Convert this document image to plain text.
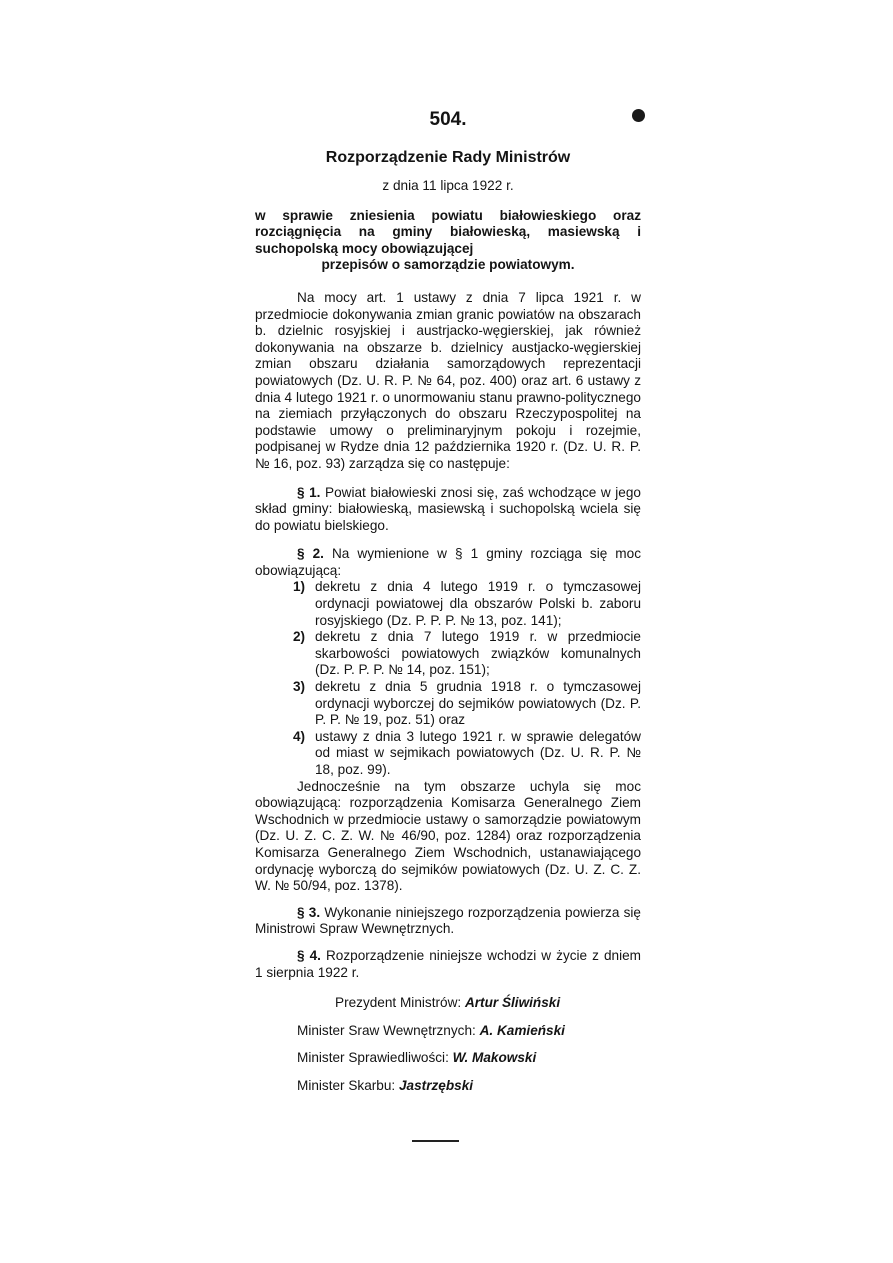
504.
Rozporządzenie Rady Ministrów
z dnia 11 lipca 1922 r.

w sprawie zniesienia powiatu białowieskiego oraz rozciągnięcia na gminy białowieską, masiewską i suchopolską mocy obowiązującej

przepisów o samorządzie powiatowym.

Na mocy art. 1 ustawy z dnia 7 lipca 1921 r. w przedmiocie dokonywania zmian granic powiatów na obszarach b. dzielnic rosyjskiej i austrjacko-węgierskiej, jak również dokonywania na obszarze b. dzielnicy austjacko-węgierskiej zmian obszaru działania samorządowych reprezentacji powiatowych (Dz. U. R. P. № 64, poz. 400) oraz art. 6 ustawy z dnia 4 lutego 1921 r. o unormowaniu stanu prawno-politycznego na ziemiach przyłączonych do obszaru Rzeczypospolitej na podstawie umowy o preliminaryjnym pokoju i rozejmie, podpisanej w Rydze dnia 12 października 1920 r. (Dz. U. R. P. № 16, poz. 93) zarządza się co następuje:

§ 1. Powiat białowieski znosi się, zaś wchodzące w jego skład gminy: białowieską, masiewską i suchopolską wciela się do powiatu bielskiego.

§ 2. Na wymienione w § 1 gminy rozciąga się moc obowiązującą:

1) dekretu z dnia 4 lutego 1919 r. o tymczasowej ordynacji powiatowej dla obszarów Polski b. zaboru rosyjskiego (Dz. P. P. P. № 13, poz. 141);
2) dekretu z dnia 7 lutego 1919 r. w przedmiocie skarbowości powiatowych związków komunalnych (Dz. P. P. P. № 14, poz. 151);
3) dekretu z dnia 5 grudnia 1918 r. o tymczasowej ordynacji wyborczej do sejmików powiatowych (Dz. P. P. P. № 19, poz. 51) oraz
4) ustawy z dnia 3 lutego 1921 r. w sprawie delegatów od miast w sejmikach powiatowych (Dz. U. R. P. № 18, poz. 99).

Jednocześnie na tym obszarze uchyla się moc obowiązującą: rozporządzenia Komisarza Generalnego Ziem Wschodnich w przedmiocie ustawy o samorządzie powiatowym (Dz. U. Z. C. Z. W. № 46/90, poz. 1284) oraz rozporządzenia Komisarza Generalnego Ziem Wschodnich, ustanawiającego ordynację wyborczą do sejmików powiatowych (Dz. U. Z. C. Z. W. № 50/94, poz. 1378).

§ 3. Wykonanie niniejszego rozporządzenia powierza się Ministrowi Spraw Wewnętrznych.

§ 4. Rozporządzenie niniejsze wchodzi w życie z dniem 1 sierpnia 1922 r.

Prezydent Ministrów: Artur Śliwiński

Minister Sraw Wewnętrznych: A. Kamieński

Minister Sprawiedliwości: W. Makowski

Minister Skarbu: Jastrzębski
